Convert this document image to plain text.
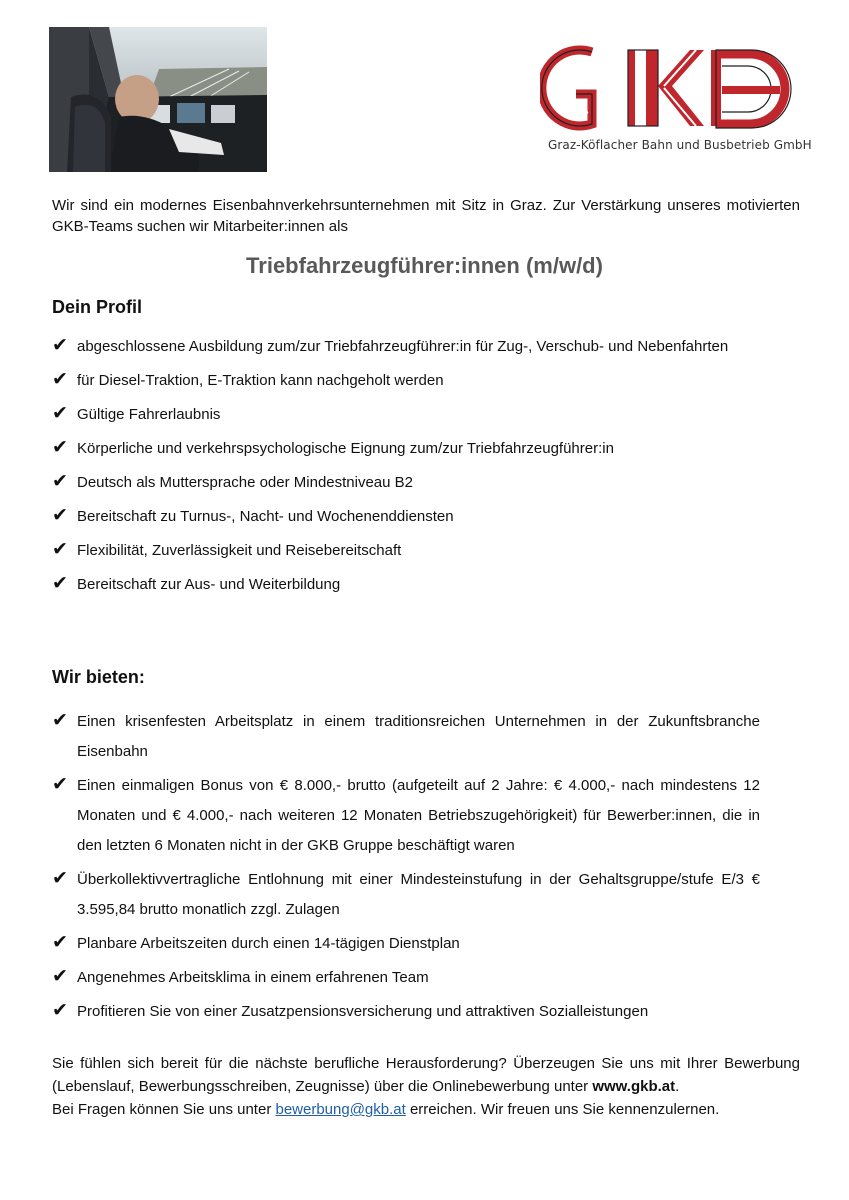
Graz-Köflacher Bahn und Busbetrieb GmbH
Wir sind ein modernes Eisenbahnverkehrsunternehmen mit Sitz in Graz. Zur Verstärkung unseres motivierten GKB-Teams suchen wir Mitarbeiter:innen als
Triebfahrzeugführer:innen (m/w/d)
Dein Profil
✔ abgeschlossene Ausbildung zum/zur Triebfahrzeugführer:in für Zug-, Verschub- und Nebenfahrten
✔ für Diesel-Traktion, E-Traktion kann nachgeholt werden
✔ Gültige Fahrerlaubnis
✔ Körperliche und verkehrspsychologische Eignung zum/zur Triebfahrzeugführer:in
✔ Deutsch als Muttersprache oder Mindestniveau B2
✔ Bereitschaft zu Turnus-, Nacht- und Wochenenddiensten
✔ Flexibilität, Zuverlässigkeit und Reisebereitschaft
✔ Bereitschaft zur Aus- und Weiterbildung
Wir bieten:
✔ Einen krisenfesten Arbeitsplatz in einem traditionsreichen Unternehmen in der Zukunftsbranche Eisenbahn
✔ Einen einmaligen Bonus von € 8.000,- brutto (aufgeteilt auf 2 Jahre: € 4.000,- nach mindestens 12 Monaten und € 4.000,- nach weiteren 12 Monaten Betriebszugehörigkeit) für Bewerber:innen, die in den letzten 6 Monaten nicht in der GKB Gruppe beschäftigt waren
✔ Überkollektivvertragliche Entlohnung mit einer Mindesteinstufung in der Gehaltsgruppe/stufe E/3 € 3.595,84 brutto monatlich zzgl. Zulagen
✔ Planbare Arbeitszeiten durch einen 14-tägigen Dienstplan
✔ Angenehmes Arbeitsklima in einem erfahrenen Team
✔ Profitieren Sie von einer Zusatzpensionsversicherung und attraktiven Sozialleistungen

Sie fühlen sich bereit für die nächste berufliche Herausforderung? Überzeugen Sie uns mit Ihrer Bewerbung (Lebenslauf, Bewerbungsschreiben, Zeugnisse) über die Onlinebewerbung unter www.gkb.at.

Bei Fragen können Sie uns unter bewerbung@gkb.at erreichen. Wir freuen uns Sie kennenzulernen.
